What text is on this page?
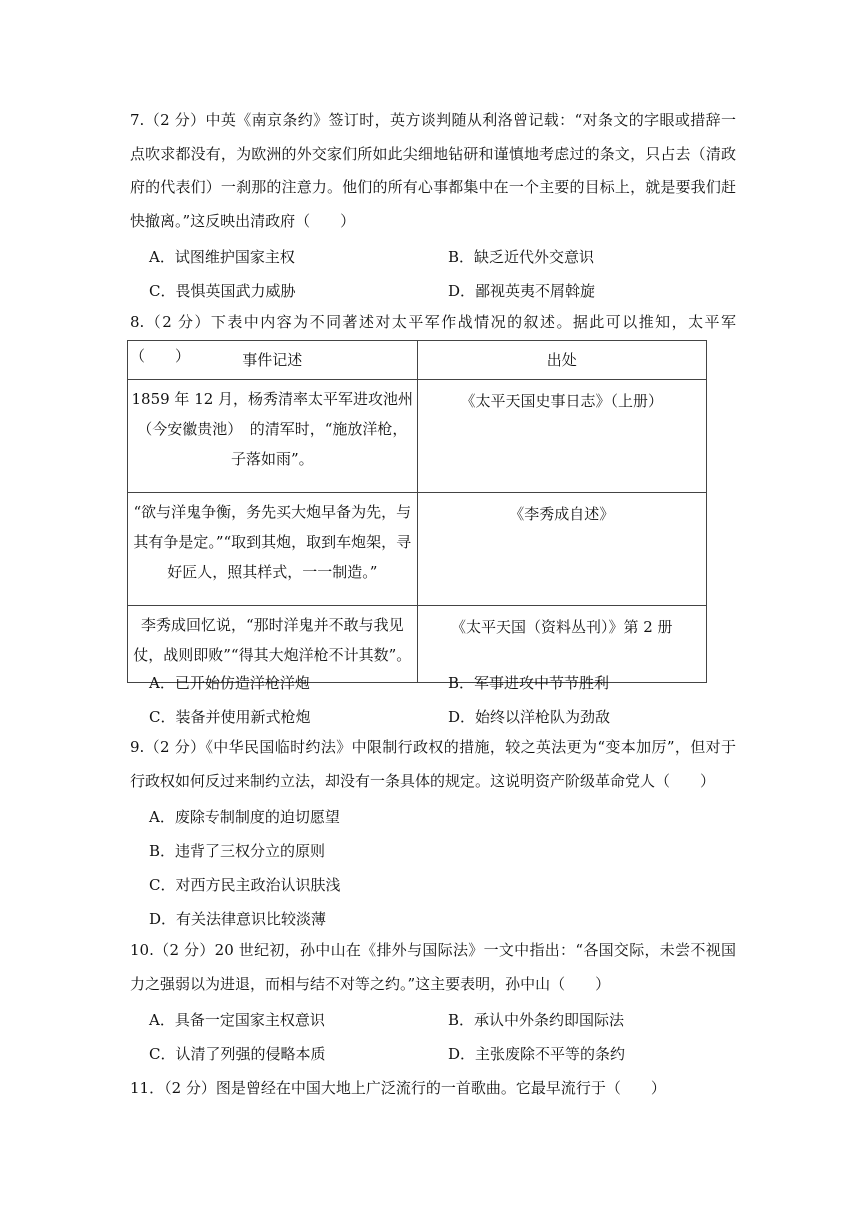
7.（2 分）中英《南京条约》签订时，英方谈判随从利洛曾记载：“对条文的字眼或措辞一点吹求都没有，为欧洲的外交家们所如此尖细地钻研和谨慎地考虑过的条文，只占去（清政府的代表们）一刹那的注意力。他们的所有心事都集中在一个主要的目标上，就是要我们赶快撤离。”这反映出清政府（　　）
A．试图维护国家主权	B．缺乏近代外交意识
C．畏惧英国武力威胁	D．鄙视英夷不屑斡旋
8.（2 分）下表中内容为不同著述对太平军作战情况的叙述。据此可以推知，太平军（　　）	事件记述	出处

1859 年 12 月，杨秀清率太平军进攻池州（今安徽贵池）　的清军时，“施放洋枪，子落如雨”。	《太平天国史事日志》（上册）

“欲与洋鬼争衡，务先买大炮早备为先，与其有争是定。”“取到其炮，取到车炮架，寻好匠人，照其样式，一一制造。”	《李秀成自述》

李秀成回忆说，“那时洋鬼并不敢与我见仗，战则即败”“得其大炮洋枪不计其数”。	《太平天国（资料丛刊）》第 2 册
A．已开始仿造洋枪洋炮	B．军事进攻中节节胜利
C．装备并使用新式枪炮	D．始终以洋枪队为劲敌
9.（2 分）《中华民国临时约法》中限制行政权的措施，较之英法更为“变本加厉”，但对于行政权如何反过来制约立法，却没有一条具体的规定。这说明资产阶级革命党人（　　）
A．废除专制制度的迫切愿望
B．违背了三权分立的原则
C．对西方民主政治认识肤浅
D．有关法律意识比较淡薄
10.（2 分）20 世纪初，孙中山在《排外与国际法》一文中指出：“各国交际，未尝不视国力之强弱以为进退，而相与结不对等之约。”这主要表明，孙中山（　　）
A．具备一定国家主权意识	B．承认中外条约即国际法
C．认清了列强的侵略本质	D．主张废除不平等的条约
11．（2 分）图是曾经在中国大地上广泛流行的一首歌曲。它最早流行于（　　）
